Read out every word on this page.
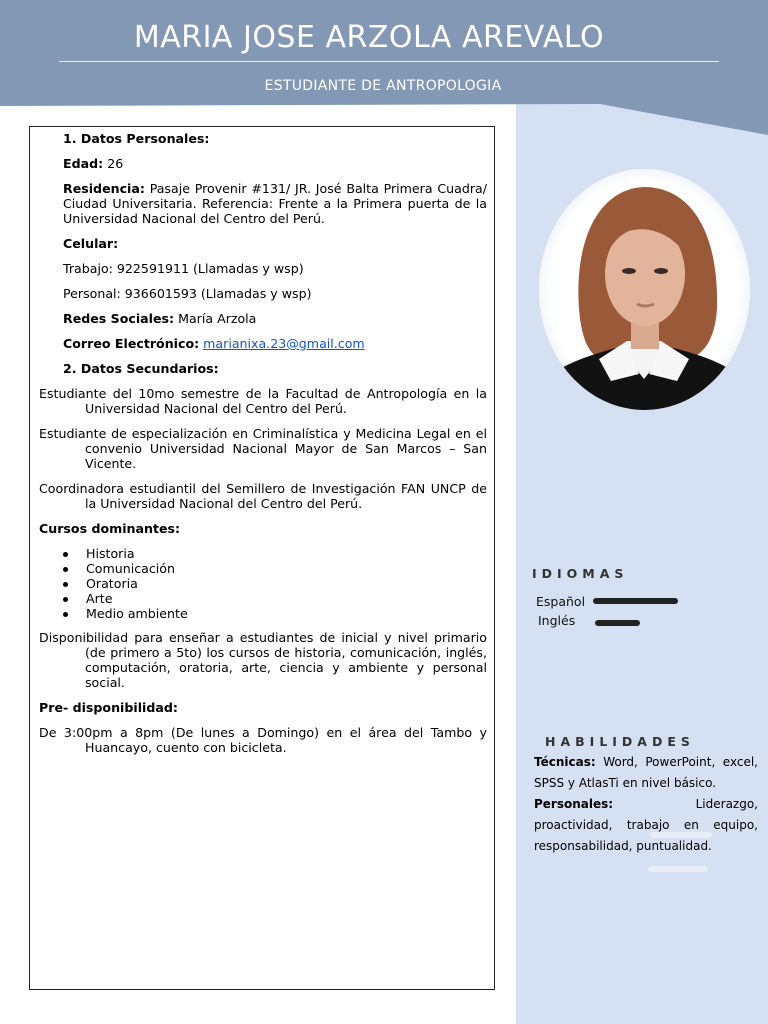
MARIA JOSE ARZOLA AREVALO
ESTUDIANTE DE ANTROPOLOGIA

1. Datos Personales:

Edad: 26

Residencia: Pasaje Provenir #131/ JR. José Balta Primera Cuadra/ Ciudad Universitaria. Referencia: Frente a la Primera puerta de la Universidad Nacional del Centro del Perú.

Celular:

Trabajo: 922591911 (Llamadas y wsp)

Personal: 936601593 (Llamadas y wsp)

Redes Sociales: María Arzola

Correo Electrónico: marianixa.23@gmail.com

2. Datos Secundarios:

Estudiante del 10mo semestre de la Facultad de Antropología en la Universidad Nacional del Centro del Perú.

Estudiante de especialización en Criminalística y Medicina Legal en el convenio Universidad Nacional Mayor de San Marcos – San Vicente.

Coordinadora estudiantil del Semillero de Investigación FAN UNCP de la Universidad Nacional del Centro del Perú.

Cursos dominantes:

Historia
Comunicación
Oratoria
Arte
Medio ambiente

Disponibilidad para enseñar a estudiantes de inicial y nivel primario (de primero a 5to) los cursos de historia, comunicación, inglés, computación, oratoria, arte, ciencia y ambiente y personal social.

Pre- disponibilidad:

De 3:00pm a 8pm (De lunes a Domingo) en el área del Tambo y Huancayo, cuento con bicicleta.

IDIOMAS
Español
Inglés
HABILIDADES

Técnicas: Word, PowerPoint, excel, SPSS y AtlasTi en nivel básico.

Personales:	Liderazgo, proactividad, trabajo en equipo, responsabilidad, puntualidad.
